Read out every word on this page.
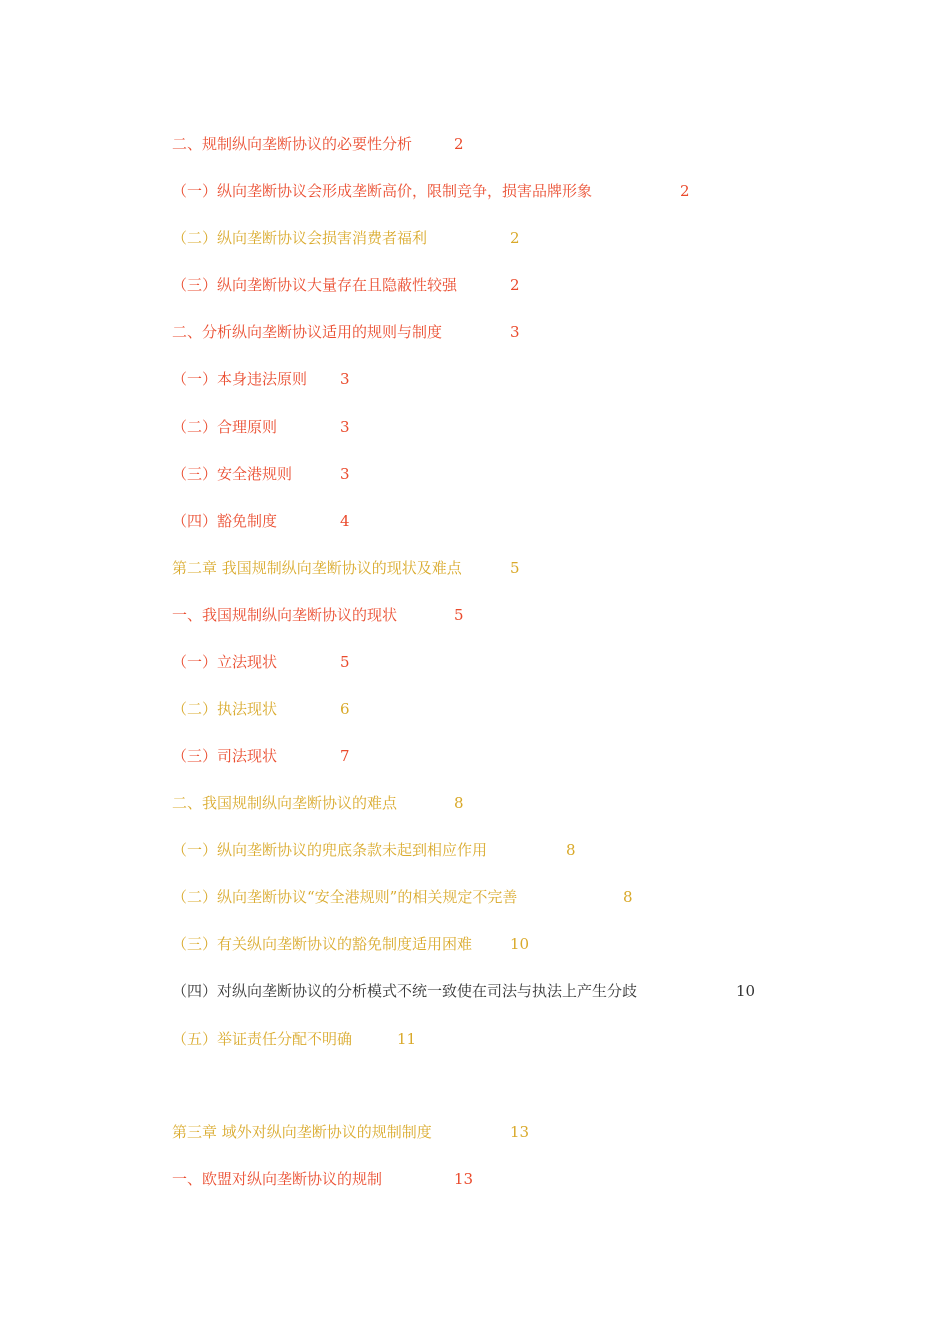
二、规制纵向垄断协议的必要性分析	2
（一）纵向垄断协议会形成垄断高价，限制竞争，损害品牌形象	2
（二）纵向垄断协议会损害消费者福利	2
（三）纵向垄断协议大量存在且隐蔽性较强	2
二、分析纵向垄断协议适用的规则与制度	3
（一）本身违法原则 3
（二）合理原则	3
（三）安全港规则	3
（四）豁免制度	4
第二章 我国规制纵向垄断协议的现状及难点	5
一、我国规制纵向垄断协议的现状	5
（一）立法现状	5
（二）执法现状	6
（三）司法现状	7
二、我国规制纵向垄断协议的难点	8
（一）纵向垄断协议的兜底条款未起到相应作用	8
（二）纵向垄断协议“安全港规则”的相关规定不完善	8
（三）有关纵向垄断协议的豁免制度适用困难	10
（四）对纵向垄断协议的分析模式不统一致使在司法与执法上产生分歧	10
（五）举证责任分配不明确	11
第三章 域外对纵向垄断协议的规制制度	13
一、欧盟对纵向垄断协议的规制	13
